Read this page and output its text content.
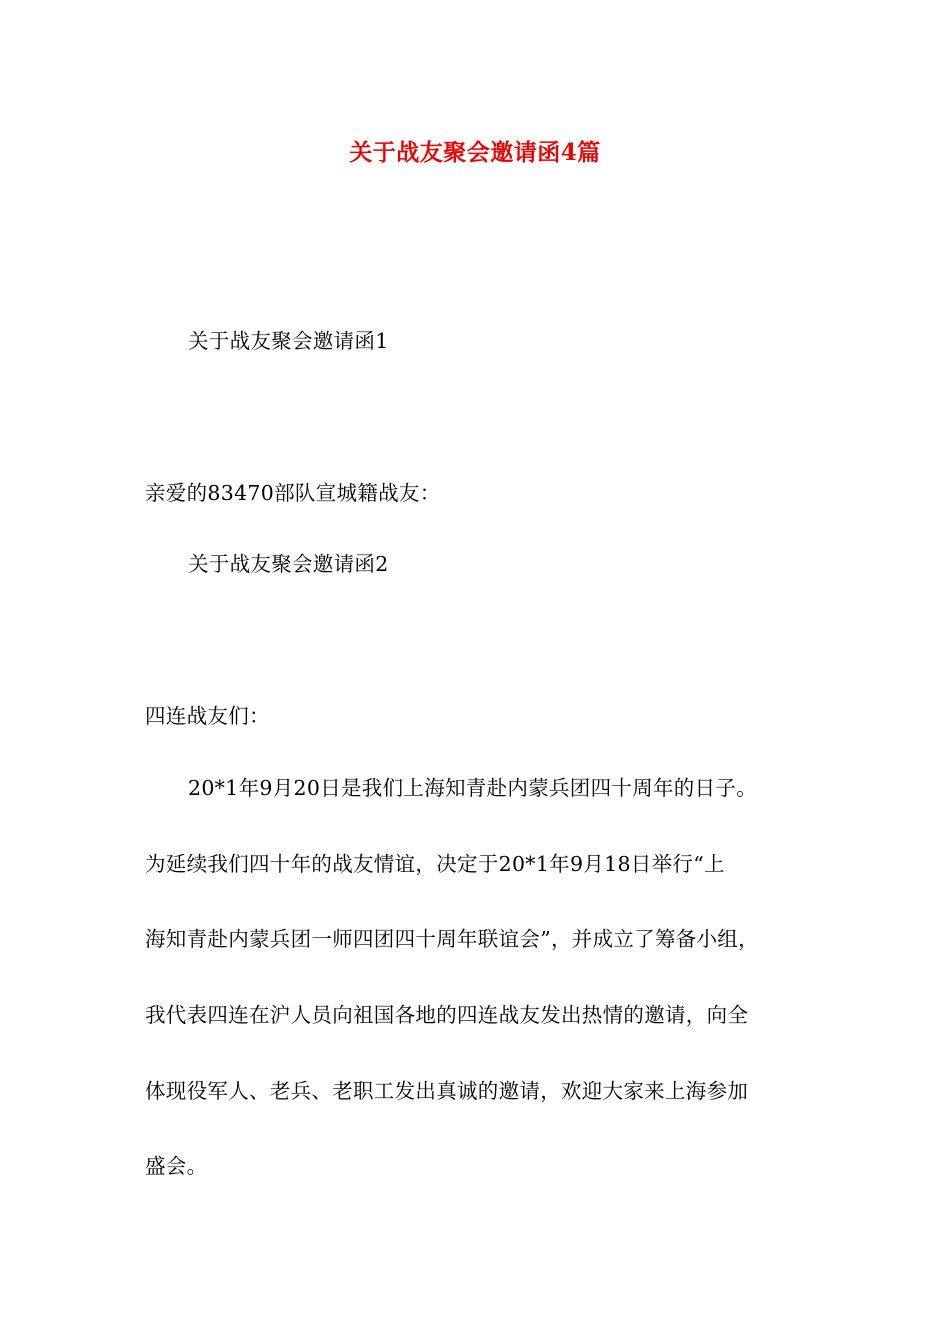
关于战友聚会邀请函4篇
关于战友聚会邀请函1
亲爱的83470部队宣城籍战友：
关于战友聚会邀请函2
四连战友们：
20*1年9月20日是我们上海知青赴内蒙兵团四十周年的日子。
为延续我们四十年的战友情谊，决定于20*1年9月18日举行“上
海知青赴内蒙兵团一师四团四十周年联谊会”，并成立了筹备小组，
我代表四连在沪人员向祖国各地的四连战友发出热情的邀请，向全
体现役军人、老兵、老职工发出真诚的邀请，欢迎大家来上海参加
盛会。
